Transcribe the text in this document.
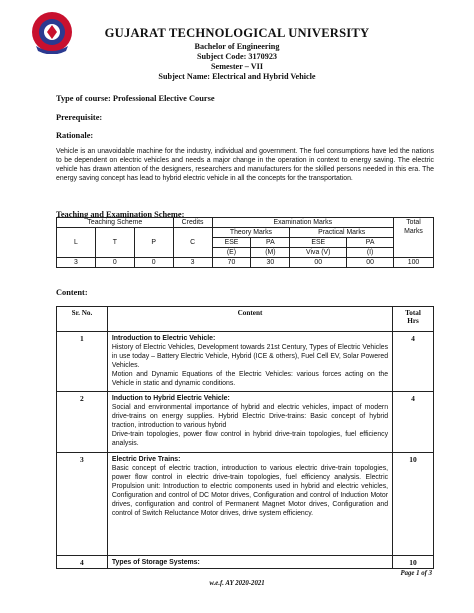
GUJARAT TECHNOLOGICAL UNIVERSITY
Bachelor of Engineering
Subject Code: 3170923
Semester – VII
Subject Name: Electrical and Hybrid Vehicle
Type of course: Professional Elective Course
Prerequisite:
Rationale:
Vehicle is an unavoidable machine for the industry, individual and government. The fuel consumptions have led the nations to be dependent on electric vehicles and needs a major change in the operation in context to energy saving. The electric vehicle has drawn attention of the designers, researchers and manufacturers for the skilled persons needed in this era. The energy saving concept has lead to hybrid electric vehicle in all the concepts for the transportation.
Teaching and Examination Scheme:
Teaching Scheme			Credits	Examination Marks				Total
L	T	P	C	Theory Marks		Practical Marks		Marks
				ESE	PA	ESE	PA	
				(E)	(M)	Viva (V)	(I)	
3	0	0	3	70	30	00	00	100
Content:
Sr. No.	Content	Total
Hrs
1	Introduction to Electric Vehicle:
History of Electric Vehicles, Development towards 21st Century, Types of Electric Vehicles in use today – Battery Electric Vehicle, Hybrid (ICE & others), Fuel Cell EV, Solar Powered Vehicles.
Motion and Dynamic Equations of the Electric Vehicles: various forces acting on the Vehicle in static and dynamic conditions.	4
2	Induction to Hybrid Electric Vehicle:
Social and environmental importance of hybrid and electric vehicles, impact of modern drive-trains on energy supplies. Hybrid Electric Drive-trains: Basic concept of hybrid traction, introduction to various hybrid
Drive-train topologies, power flow control in hybrid drive-train topologies, fuel efficiency analysis.	4
3	Electric Drive Trains:
Basic concept of electric traction, introduction to various electric drive-train topologies, power flow control in electric drive-train topologies, fuel efficiency analysis. Electric Propulsion unit: Introduction to electric components used in hybrid and electric vehicles, Configuration and control of DC Motor drives, Configuration and control of Induction Motor drives, configuration and control of Permanent Magnet Motor drives, Configuration and control of Switch Reluctance Motor drives, drive system efficiency.	10
4	Types of Storage Systems:	10
Page 1 of 3
w.e.f. AY 2020-2021
